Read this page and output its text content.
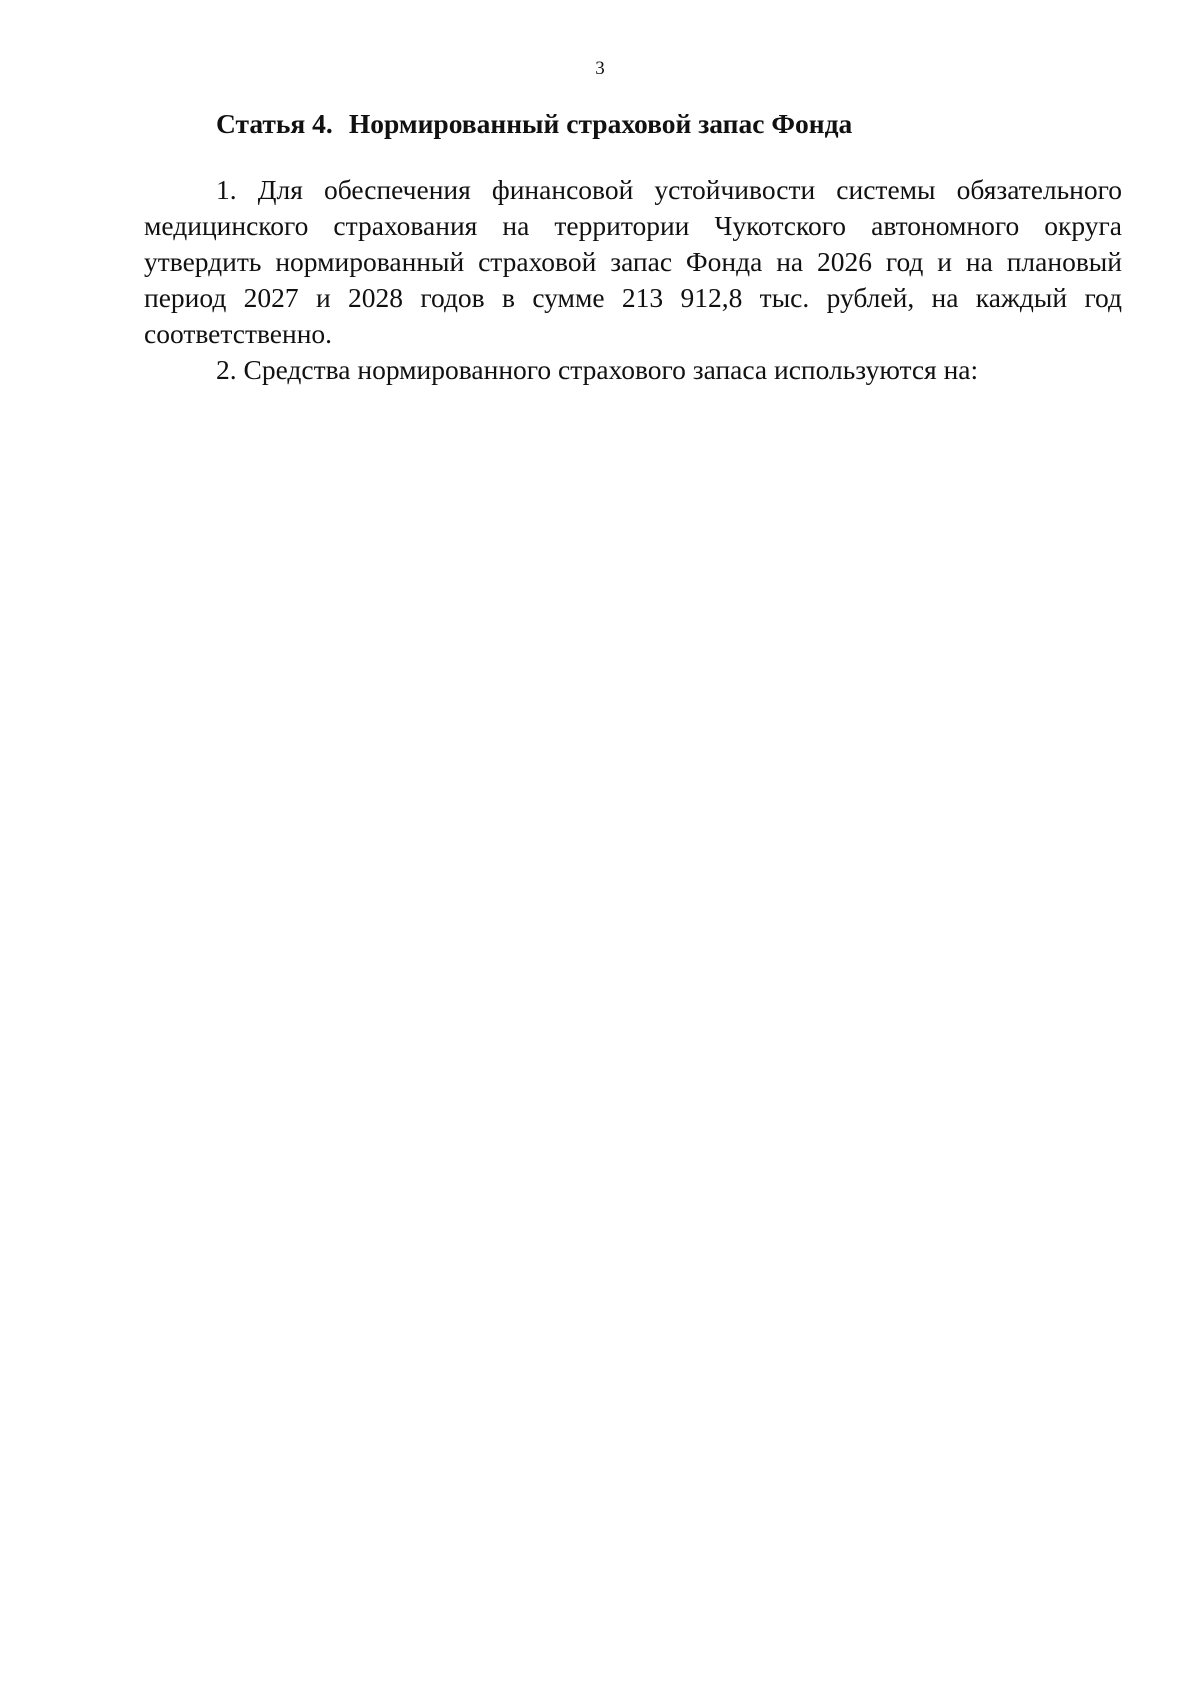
3
Статья 4. Нормированный страховой запас Фонда

1. Для обеспечения финансовой устойчивости системы обязательного медицинского страхования на территории Чукотского автономного округа утвердить нормированный страховой запас Фонда на 2026 год и на плановый период 2027 и 2028 годов в сумме 213 912,8 тыс. рублей, на каждый год соответственно.

2. Средства нормированного страхового запаса используются на:
